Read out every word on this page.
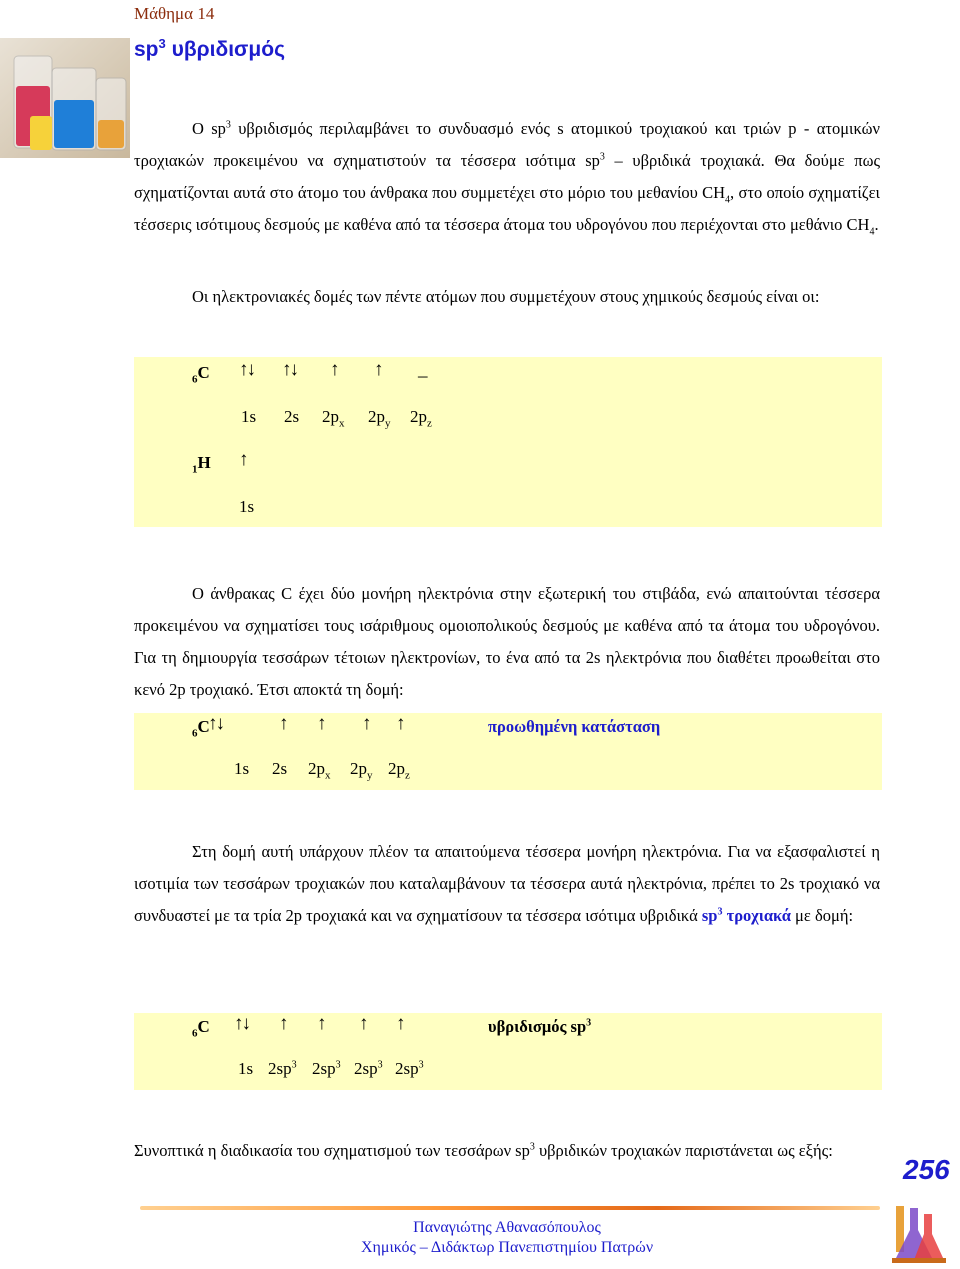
Μάθημα 14
$sp^3$ υβριδισμός
Ο $sp^3$ υβριδισμός περιλαμβάνει το συνδυασμό ενός s ατομικού τροχιακού και τριών p - ατομικών τροχιακών προκειμένου να σχηματιστούν τα τέσσερα ισότιμα $sp^3$ – υβριδικά τροχιακά. Θα δούμε πως σχηματίζονται αυτά στο άτομο του άνθρακα που συμμετέχει στο μόριο του μεθανίου $CH_4$, στο οποίο σχηματίζει τέσσερις ισότιμους δεσμούς με καθένα από τα τέσσερα άτομα του υδρογόνου που περιέχονται στο μεθάνιο $CH_4$.
Οι ηλεκτρονιακές δομές των πέντε ατόμων που συμμετέχουν στους χημικούς δεσμούς είναι οι:
$_6$C ↑↓ ↑↓ ↑ ↑ _
1s 2s $2p_x$ $2p_y$ $2p_z$
$_1$H ↑
1s
Ο άνθρακας C έχει δύο μονήρη ηλεκτρόνια στην εξωτερική του στιβάδα, ενώ απαιτούνται τέσσερα προκειμένου να σχηματίσει τους ισάριθμους ομοιοπολικούς δεσμούς με καθένα από τα άτομα του υδρογόνου. Για τη δημιουργία τεσσάρων τέτοιων ηλεκτρονίων, το ένα από τα 2s ηλεκτρόνια που διαθέτει προωθείται στο κενό 2p τροχιακό. Έτσι αποκτά τη δομή:
$_6$C
↑↓	↑ ↑ ↑ ↑	προωθημένη κατάσταση
1s 2s $2p_x$ $2p_y$ $2p_z$
Στη δομή αυτή υπάρχουν πλέον τα απαιτούμενα τέσσερα μονήρη ηλεκτρόνια. Για να εξασφαλιστεί η ισοτιμία των τεσσάρων τροχιακών που καταλαμβάνουν τα τέσσερα αυτά ηλεκτρόνια, πρέπει το 2s τροχιακό να συνδυαστεί με τα τρία 2p τροχιακά και να σχηματίσουν τα τέσσερα ισότιμα υβριδικά $sp^3$ τροχιακά με δομή:
$_6$C ↑↓ ↑ ↑ ↑ ↑	υβριδισμός $sp^3$
1s $2sp^3$ $2sp^3$ $2sp^3$ $2sp^3$
Συνοπτικά η διαδικασία του σχηματισμού των τεσσάρων $sp^3$ υβριδικών τροχιακών παριστάνεται ως εξής:
256
Παναγιώτης Αθανασόπουλος
Χημικός – Διδάκτωρ Πανεπιστημίου Πατρών
